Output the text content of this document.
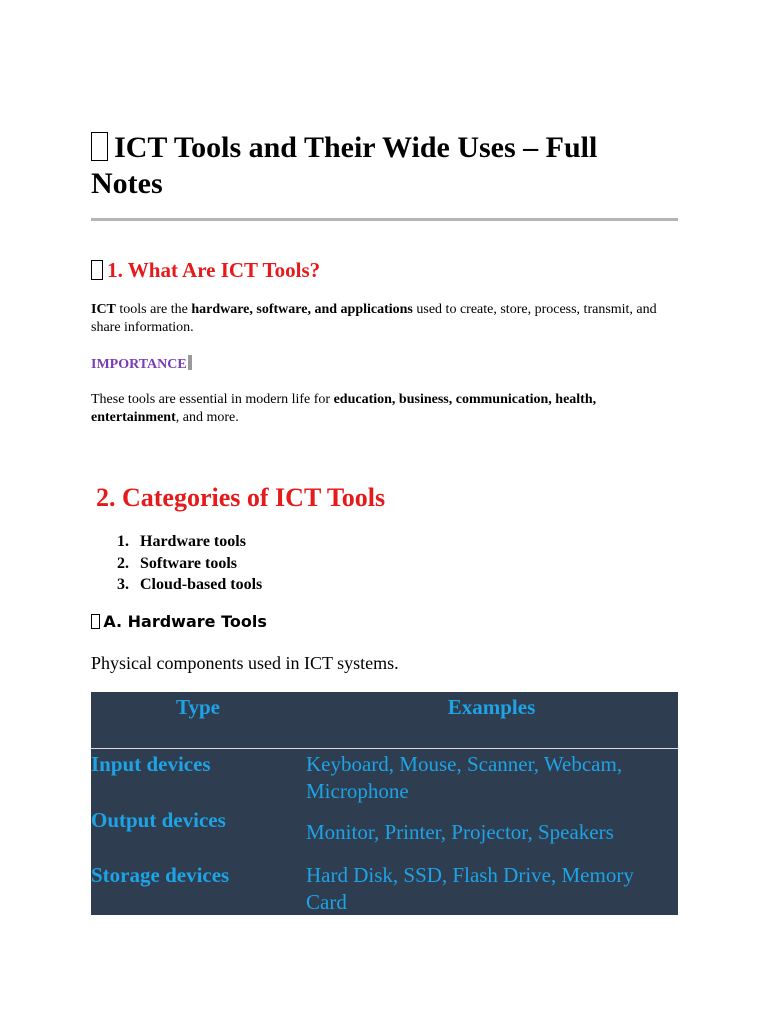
ICT Tools and Their Wide Uses – Full Notes
1. What Are ICT Tools?

ICT tools are the hardware, software, and applications used to create, store, process, transmit, and share information.

IMPORTANCE

These tools are essential in modern life for education, business, communication, health, entertainment, and more.

2. Categories of ICT Tools
1. Hardware tools
2. Software tools
3. Cloud-based tools
A. Hardware Tools

Physical components used in ICT systems.

Type	Examples
Input devices	Keyboard, Mouse, Scanner, Webcam, Microphone
Output devices	Monitor, Printer, Projector, Speakers
Storage devices	Hard Disk, SSD, Flash Drive, Memory Card
